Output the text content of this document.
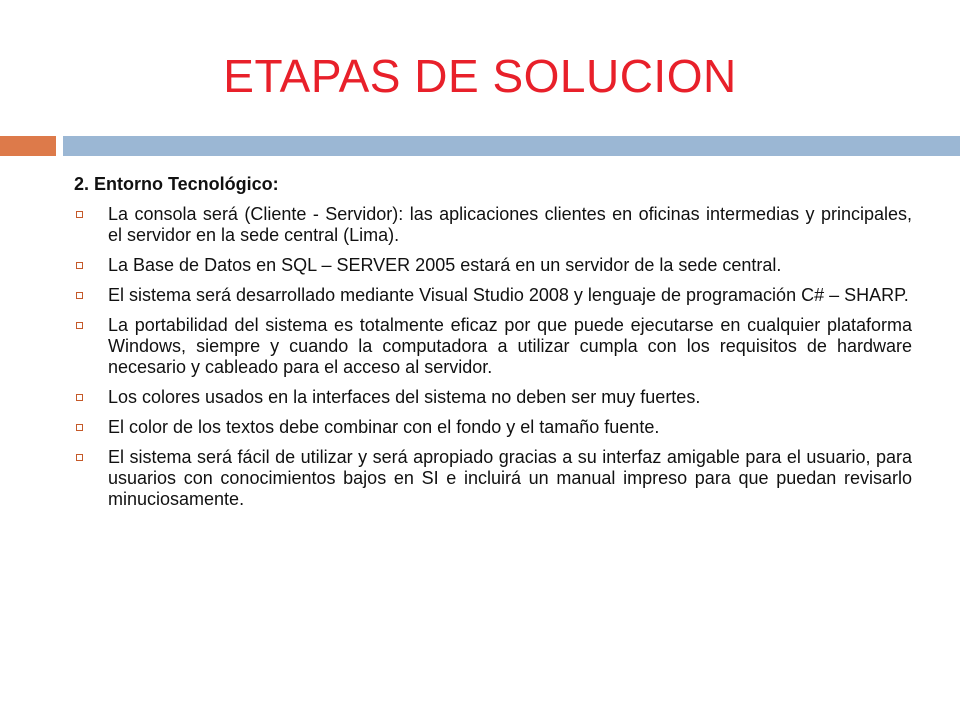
ETAPAS DE SOLUCION

2. Entorno Tecnológico:

La consola será (Cliente - Servidor): las aplicaciones clientes en oficinas intermedias y principales, el servidor en la sede central (Lima).
La Base de Datos en SQL – SERVER 2005 estará en un servidor de la sede central.
El sistema será desarrollado mediante Visual Studio 2008 y lenguaje de programación C# – SHARP.
La portabilidad del sistema es totalmente eficaz por que puede ejecutarse en cualquier plataforma Windows, siempre y cuando la computadora a utilizar cumpla con los requisitos de hardware necesario y cableado para el acceso al servidor.
Los colores usados en la interfaces del sistema no deben ser muy fuertes.
El color de los textos debe combinar con el fondo y el tamaño fuente.
El sistema será fácil de utilizar y será apropiado gracias a su interfaz amigable para el usuario, para usuarios con conocimientos bajos en SI e incluirá un manual impreso para que puedan revisarlo minuciosamente.
